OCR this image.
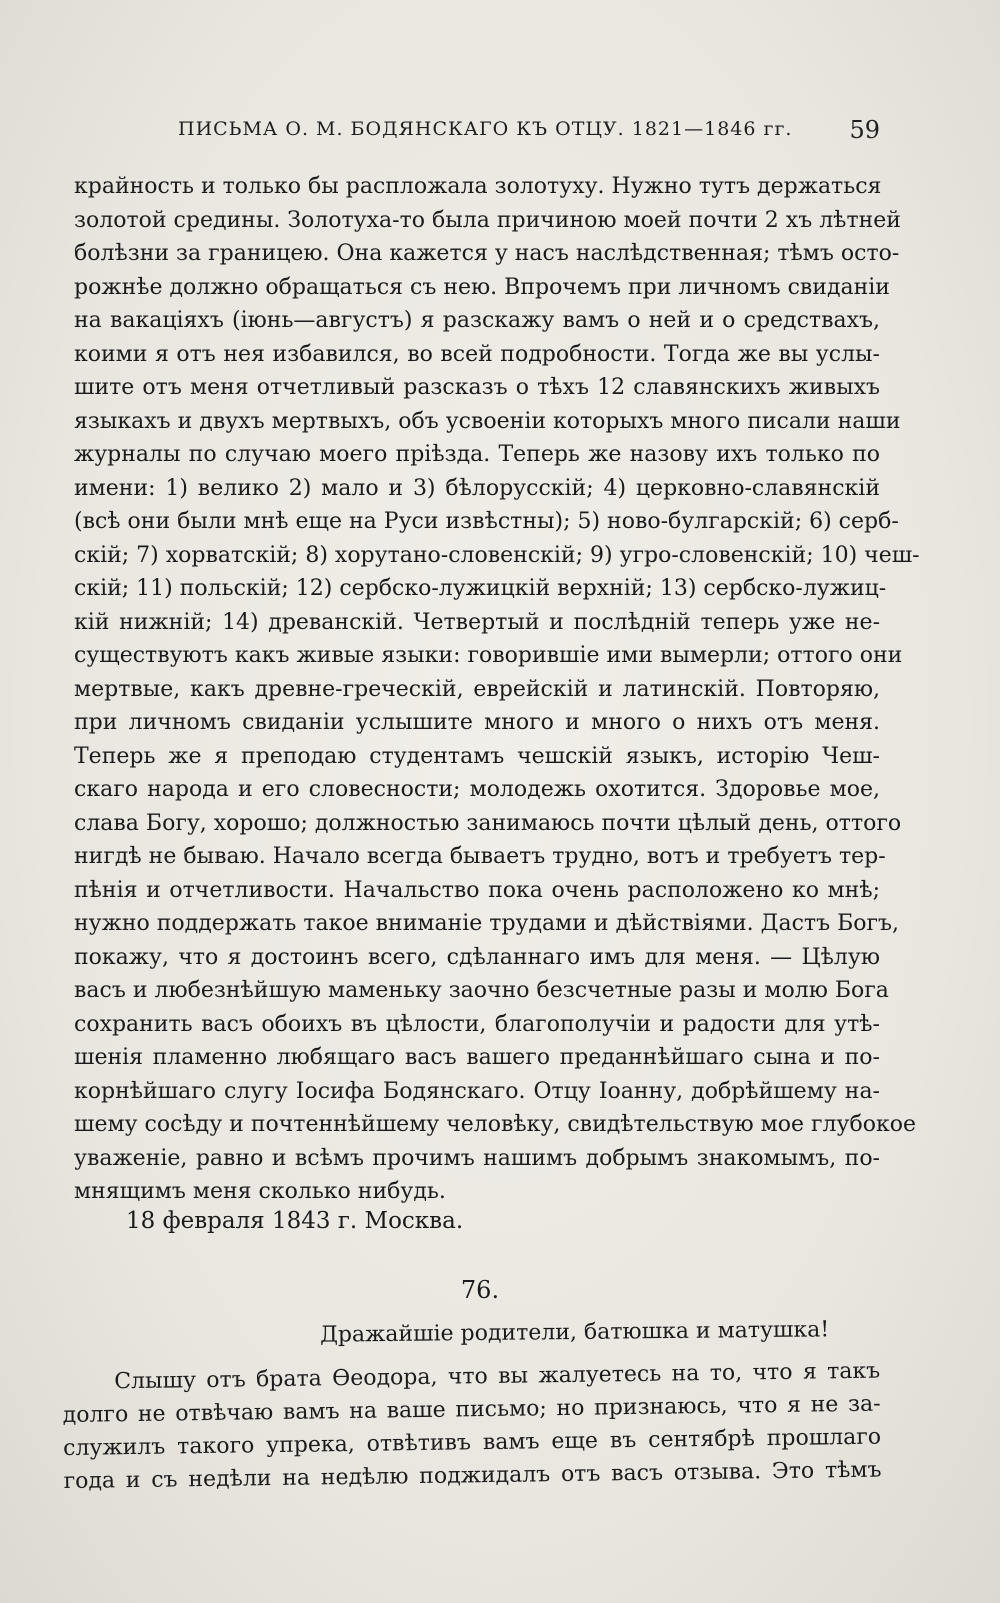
ПИСЬМА О. М. БОДЯНСКАГО КЪ ОТЦУ. 1821—1846 гг. 59
крайность и только бы распложала золотуху. Нужно тутъ держаться
золотой средины. Золотуха-то была причиною моей почти 2 хъ лѣтней
болѣзни за границею. Она кажется у насъ наслѣдственная; тѣмъ осто-
рожнѣе должно обращаться съ нею. Впрочемъ при личномъ свиданіи
на вакаціяхъ (іюнь—августъ) я разскажу вамъ о ней и о средствахъ,
коими я отъ нея избавился, во всей подробности. Тогда же вы услы-
шите отъ меня отчетливый разсказъ о тѣхъ 12 славянскихъ живыхъ
языкахъ и двухъ мертвыхъ, объ усвоеніи которыхъ много писали наши
журналы по случаю моего пріѣзда. Теперь же назову ихъ только по
имени: 1) велико 2) мало и 3) бѣлорусскій; 4) церковно-славянскій
(всѣ они были мнѣ еще на Руси извѣстны); 5) ново-булгарскій; 6) серб-
скій; 7) хорватскій; 8) хорутано-словенскій; 9) угро-словенскій; 10) чеш-
скій; 11) польскій; 12) сербско-лужицкій верхній; 13) сербско-лужиц-
кій нижній; 14) древанскій. Четвертый и послѣдній теперь уже не-
существуютъ какъ живые языки: говорившіе ими вымерли; оттого они
мертвые, какъ древне-греческій, еврейскій и латинскій. Повторяю,
при личномъ свиданіи услышите много и много о нихъ отъ меня.
Теперь же я преподаю студентамъ чешскій языкъ, исторію Чеш-
скаго народа и его словесности; молодежь охотится. Здоровье мое,
слава Богу, хорошо; должностью занимаюсь почти цѣлый день, оттого
нигдѣ не бываю. Начало всегда бываетъ трудно, вотъ и требуетъ тер-
пѣнія и отчетливости. Начальство пока очень расположено ко мнѣ;
нужно поддержать такое вниманіе трудами и дѣйствіями. Дастъ Богъ,
покажу, что я достоинъ всего, сдѣланнаго имъ для меня. — Цѣлую
васъ и любезнѣйшую маменьку заочно безсчетные разы и молю Бога
сохранить васъ обоихъ въ цѣлости, благополучіи и радости для утѣ-
шенія пламенно любящаго васъ вашего преданнѣйшаго сына и по-
корнѣйшаго слугу Іосифа Бодянскаго. Отцу Іоанну, добрѣйшему на-
шему сосѣду и почтеннѣйшему человѣку, свидѣтельствую мое глубокое
уваженіе, равно и всѣмъ прочимъ нашимъ добрымъ знакомымъ, по-
мнящимъ меня сколько нибудь.
18 февраля 1843 г. Москва.
76.
Дражайшіе родители, батюшка и матушка!
Слышу отъ брата Ѳеодора, что вы жалуетесь на то, что я такъ
долго не отвѣчаю вамъ на ваше письмо; но признаюсь, что я не за-
служилъ такого упрека, отвѣтивъ вамъ еще въ сентябрѣ прошлаго
года и съ недѣли на недѣлю поджидалъ отъ васъ отзыва. Это тѣмъ
